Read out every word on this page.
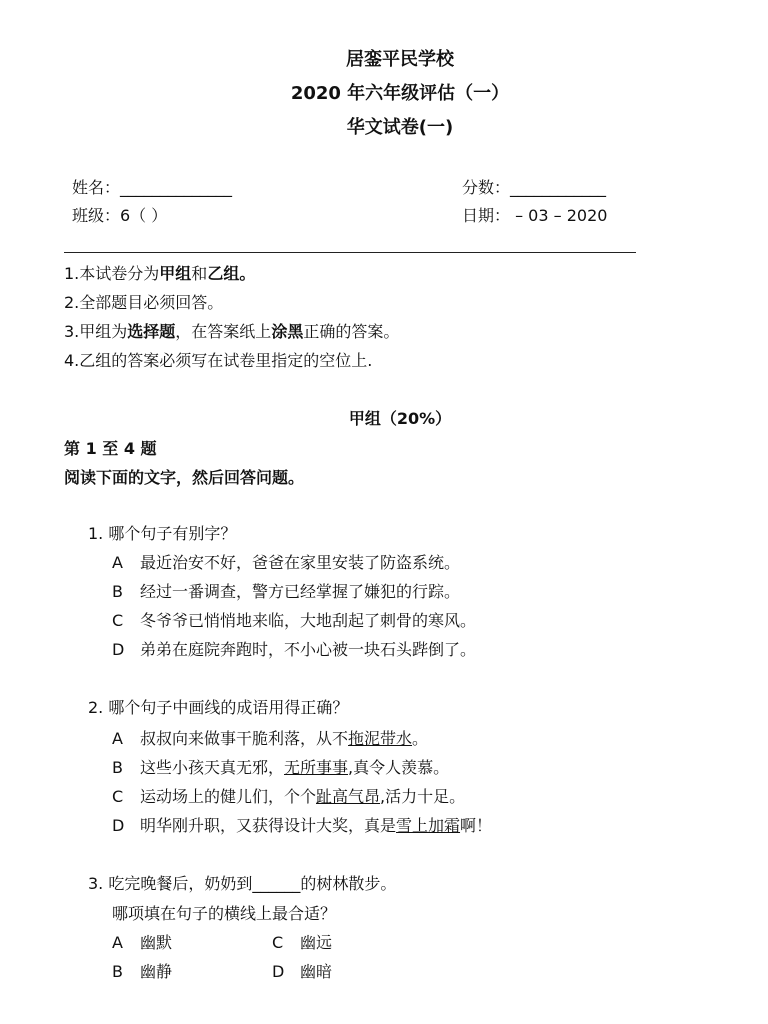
居銮平民学校
2020 年六年级评估（一）
华文试卷(一)
姓名：______________	分数：____________
班级：6（ ）	日期： – 03 – 2020
1.本试卷分为甲组和乙组。
2.全部题目必须回答。
3.甲组为选择题，在答案纸上涂黑正确的答案。
4.乙组的答案必须写在试卷里指定的空位上.
甲组（20%）
第 1 至 4 题
阅读下面的文字，然后回答问题。
1. 哪个句子有别字？
A 最近治安不好，爸爸在家里安装了防盗系统。
B 经过一番调查，警方已经掌握了嫌犯的行踪。
C 冬爷爷已悄悄地来临，大地刮起了刺骨的寒风。
D 弟弟在庭院奔跑时，不小心被一块石头跸倒了。
2. 哪个句子中画线的成语用得正确？
A 叔叔向来做事干脆利落，从不拖泥带水。
B 这些小孩天真无邪，无所事事,真令人羡慕。
C 运动场上的健儿们，个个趾高气昂,活力十足。
D 明华刚升职，又获得设计大奖，真是雪上加霜啊！
3. 吃完晚餐后，奶奶到______的树林散步。
哪项填在句子的横线上最合适？
A 幽默	C 幽远
B 幽静	D 幽暗
